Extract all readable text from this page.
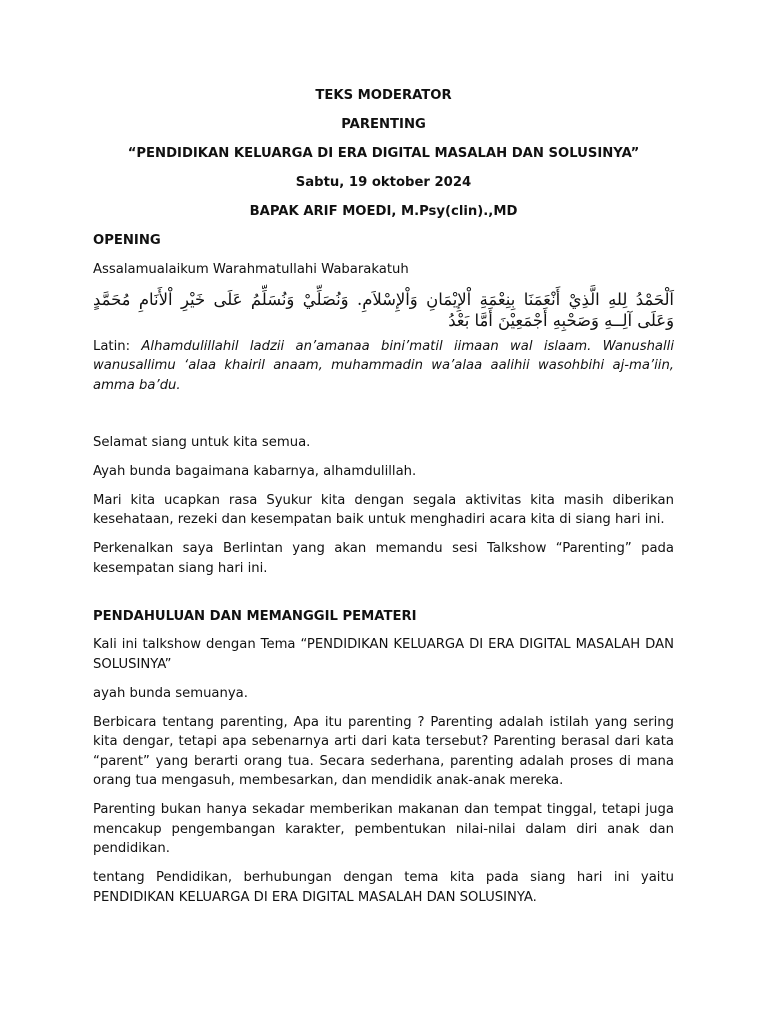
TEKS MODERATOR
PARENTING
“PENDIDIKAN KELUARGA DI ERA DIGITAL MASALAH DAN SOLUSINYA”
Sabtu, 19 oktober 2024
BAPAK ARIF MOEDI, M.Psy(clin).,MD
OPENING

Assalamualaikum Warahmatullahi Wabarakatuh

اَلْحَمْدُ لِلهِ الَّذِيْ أَنْعَمَنَا بِنِعْمَةِ اْلإِيْمَانِ وَاْلإِسْلاَمِ. وَنُصَلِّيْ وَنُسَلِّمُ عَلَى خَيْرِ اْلأَنَامِ مُحَمَّدٍ وَعَلَى آلِــهِ وَصَحْبِهِ أَجْمَعِيْنَ أَمَّا بَعْدُ

Latin: Alhamdulillahil ladzii an’amanaa bini’matil iimaan wal islaam. Wanushalli wanusallimu ‘alaa khairil anaam, muhammadin wa’alaa aalihii wasohbihi aj-ma’iin, amma ba’du.

Selamat siang untuk kita semua.

Ayah bunda bagaimana kabarnya, alhamdulillah.

Mari kita ucapkan rasa Syukur kita dengan segala aktivitas kita masih diberikan kesehataan, rezeki dan kesempatan baik untuk menghadiri acara kita di siang hari ini.

Perkenalkan saya Berlintan yang akan memandu sesi Talkshow “Parenting” pada kesempatan siang hari ini.

PENDAHULUAN DAN MEMANGGIL PEMATERI

Kali ini talkshow dengan Tema “PENDIDIKAN KELUARGA DI ERA DIGITAL MASALAH DAN SOLUSINYA”

ayah bunda semuanya.

Berbicara tentang parenting, Apa itu parenting ? Parenting adalah istilah yang sering kita dengar, tetapi apa sebenarnya arti dari kata tersebut? Parenting berasal dari kata “parent” yang berarti orang tua. Secara sederhana, parenting adalah proses di mana orang tua mengasuh, membesarkan, dan mendidik anak-anak mereka.

Parenting bukan hanya sekadar memberikan makanan dan tempat tinggal, tetapi juga mencakup pengembangan karakter, pembentukan nilai-nilai dalam diri anak dan pendidikan.

tentang Pendidikan, berhubungan dengan tema kita pada siang hari ini yaitu PENDIDIKAN KELUARGA DI ERA DIGITAL MASALAH DAN SOLUSINYA.
